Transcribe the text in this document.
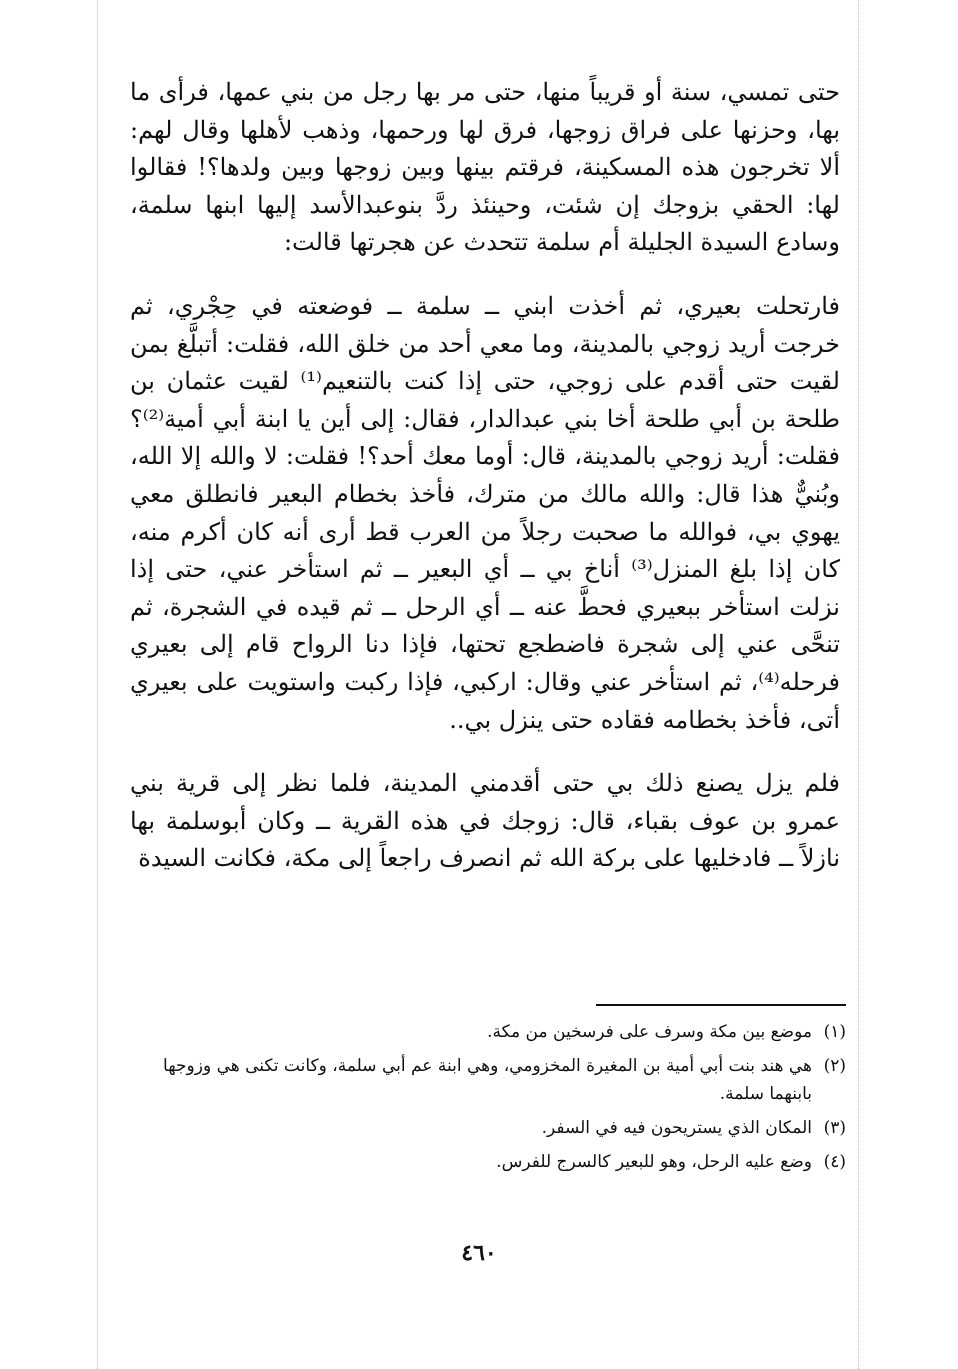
حتى تمسي، سنة أو قريباً منها، حتى مر بها رجل من بني عمها، فرأى ما بها، وحزنها على فراق زوجها، فرق لها ورحمها، وذهب لأهلها وقال لهم: ألا تخرجون هذه المسكينة، فرقتم بينها وبين زوجها وبين ولدها؟! فقالوا لها: الحقي بزوجك إن شئت، وحينئذ ردَّ بنوعبدالأسد إليها ابنها سلمة، وسادع السيدة الجليلة أم سلمة تتحدث عن هجرتها قالت:

فارتحلت بعيري، ثم أخذت ابني ــ سلمة ــ فوضعته في حِجْري، ثم خرجت أريد زوجي بالمدينة، وما معي أحد من خلق الله، فقلت: أتبلَّغ بمن لقيت حتى أقدم على زوجي، حتى إذا كنت بالتنعيم⁽¹⁾ لقيت عثمان بن طلحة بن أبي طلحة أخا بني عبدالدار، فقال: إلى أين يا ابنة أبي أمية⁽²⁾؟ فقلت: أريد زوجي بالمدينة، قال: أوما معك أحد؟! فقلت: لا والله إلا الله، وبُنيٌّ هذا قال: والله مالك من مترك، فأخذ بخطام البعير فانطلق معي يهوي بي، فوالله ما صحبت رجلاً من العرب قط أرى أنه كان أكرم منه، كان إذا بلغ المنزل⁽³⁾ أناخ بي ــ أي البعير ــ ثم استأخر عني، حتى إذا نزلت استأخر ببعيري فحطَّ عنه ــ أي الرحل ــ ثم قيده في الشجرة، ثم تنحَّى عني إلى شجرة فاضطجع تحتها، فإذا دنا الرواح قام إلى بعيري فرحله⁽⁴⁾، ثم استأخر عني وقال: اركبي، فإذا ركبت واستويت على بعيري أتى، فأخذ بخطامه فقاده حتى ينزل بي..

فلم يزل يصنع ذلك بي حتى أقدمني المدينة، فلما نظر إلى قرية بني عمرو بن عوف بقباء، قال: زوجك في هذه القرية ــ وكان أبوسلمة بها نازلاً ــ فادخليها على بركة الله ثم انصرف راجعاً إلى مكة، فكانت السيدة

(١)
موضع بين مكة وسرف على فرسخين من مكة.
(٢)
هي هند بنت أبي أمية بن المغيرة المخزومي، وهي ابنة عم أبي سلمة، وكانت تكنى هي وزوجها بابنهما سلمة.
(٣)
المكان الذي يستريحون فيه في السفر.
(٤)
وضع عليه الرحل، وهو للبعير كالسرج للفرس.
٤٦٠
